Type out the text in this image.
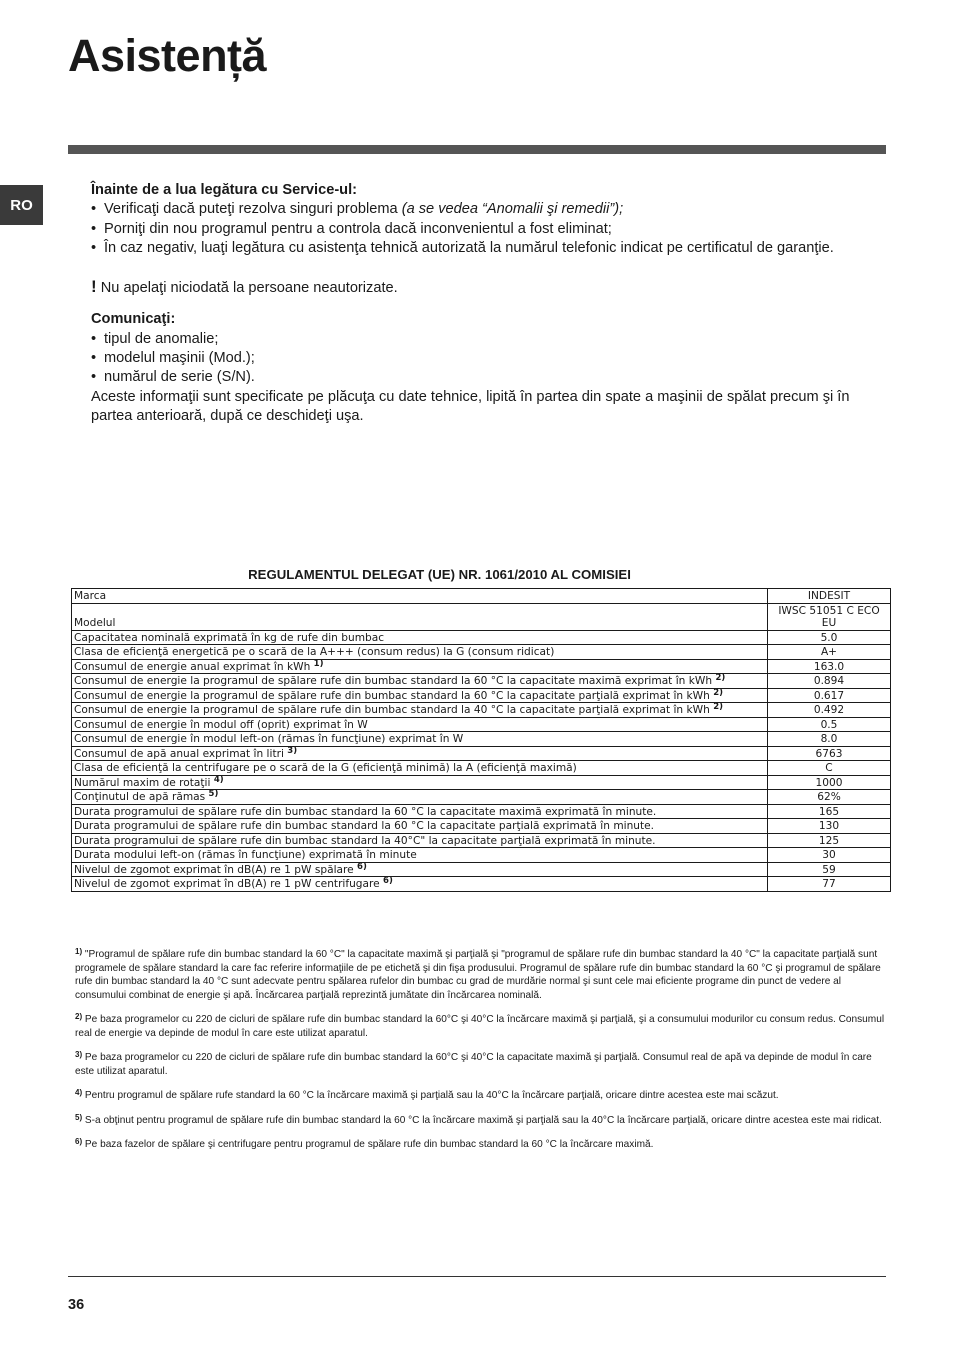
Asistență
RO

Înainte de a lua legătura cu Service-ul:

• Verificaţi dacă puteţi rezolva singuri problema (a se vedea “Anomalii şi remedii”);
• Porniţi din nou programul pentru a controla dacă inconvenientul a fost eliminat;
• În caz negativ, luaţi legătura cu asistenţa tehnică autorizată la numărul telefonic indicat pe certificatul de garanţie.

! Nu apelaţi niciodată la persoane neautorizate.

Comunicaţi:

• tipul de anomalie;
• modelul maşinii (Mod.);
• numărul de serie (S/N).

Aceste informaţii sunt specificate pe plăcuţa cu date tehnice, lipită în partea din spate a maşinii de spălat precum şi în partea anterioară, după ce deschideţi uşa.

REGULAMENTUL DELEGAT (UE) NR. 1061/2010 AL COMISIEI
Marca	INDESIT
Modelul	IWSC 51051 C ECO EU
Capacitatea nominală exprimată în kg de rufe din bumbac	5.0
Clasa de eficienţă energetică pe o scară de la A+++ (consum redus) la G (consum ridicat)	A+
Consumul de energie anual exprimat în kWh $^{1)}$	163.0
Consumul de energie la programul de spălare rufe din bumbac standard la 60 °C la capacitate maximă exprimat în kWh $^{2)}$	0.894
Consumul de energie la programul de spălare rufe din bumbac standard la 60 °C la capacitate parţială exprimat în kWh $^{2)}$	0.617
Consumul de energie la programul de spălare rufe din bumbac standard la 40 °C la capacitate parţială exprimat în kWh $^{2)}$	0.492
Consumul de energie în modul off (oprit) exprimat în W	0.5
Consumul de energie în modul left-on (rămas în funcţiune) exprimat în W	8.0
Consumul de apă anual exprimat în litri $^{3)}$	6763
Clasa de eficienţă la centrifugare pe o scară de la G (eficienţă minimă) la A (eficienţă maximă)	C
Numărul maxim de rotaţii $^{4)}$	1000
Conţinutul de apă rămas $^{5)}$	62%
Durata programului de spălare rufe din bumbac standard la 60 °C la capacitate maximă exprimată în minute.	165
Durata programului de spălare rufe din bumbac standard la 60 °C la capacitate parţială exprimată în minute.	130
Durata programului de spălare rufe din bumbac standard la 40°C" la capacitate parţială exprimată în minute.	125
Durata modului left-on (rămas în funcţiune) exprimată în minute	30
Nivelul de zgomot exprimat în dB(A) re 1 pW spălare $^{6)}$	59
Nivelul de zgomot exprimat în dB(A) re 1 pW centrifugare $^{6)}$	77

$^{1)}$ "Programul de spălare rufe din bumbac standard la 60 °C" la capacitate maximă şi parţială şi "programul de spălare rufe din bumbac standard la 40 °C" la capacitate parţială sunt programele de spălare standard la care fac referire informaţiile de pe etichetă şi din fişa produsului. Programul de spălare rufe din bumbac standard la 60 °C şi programul de spălare rufe din bumbac standard la 40 °C sunt adecvate pentru spălarea rufelor din bumbac cu grad de murdărie normal şi sunt cele mai eficiente programe din punct de vedere al consumului combinat de energie şi apă. Încărcarea parţială reprezintă jumătate din încărcarea nominală.

$^{2)}$ Pe baza programelor cu 220 de cicluri de spălare rufe din bumbac standard la 60°C şi 40°C la încărcare maximă şi parţială, şi a consumului modurilor cu consum redus. Consumul real de energie va depinde de modul în care este utilizat aparatul.

$^{3)}$ Pe baza programelor cu 220 de cicluri de spălare rufe din bumbac standard la 60°C şi 40°C la capacitate maximă şi parţială. Consumul real de apă va depinde de modul în care este utilizat aparatul.

$^{4)}$ Pentru programul de spălare rufe standard la 60 °C la încărcare maximă şi parţială sau la 40°C la încărcare parţială, oricare dintre acestea este mai scăzut.

$^{5)}$ S-a obţinut pentru programul de spălare rufe din bumbac standard la 60 °C la încărcare maximă şi parţială sau la 40°C la încărcare parţială, oricare dintre acestea este mai ridicat.

$^{6)}$ Pe baza fazelor de spălare şi centrifugare pentru programul de spălare rufe din bumbac standard la 60 °C la încărcare maximă.

36
